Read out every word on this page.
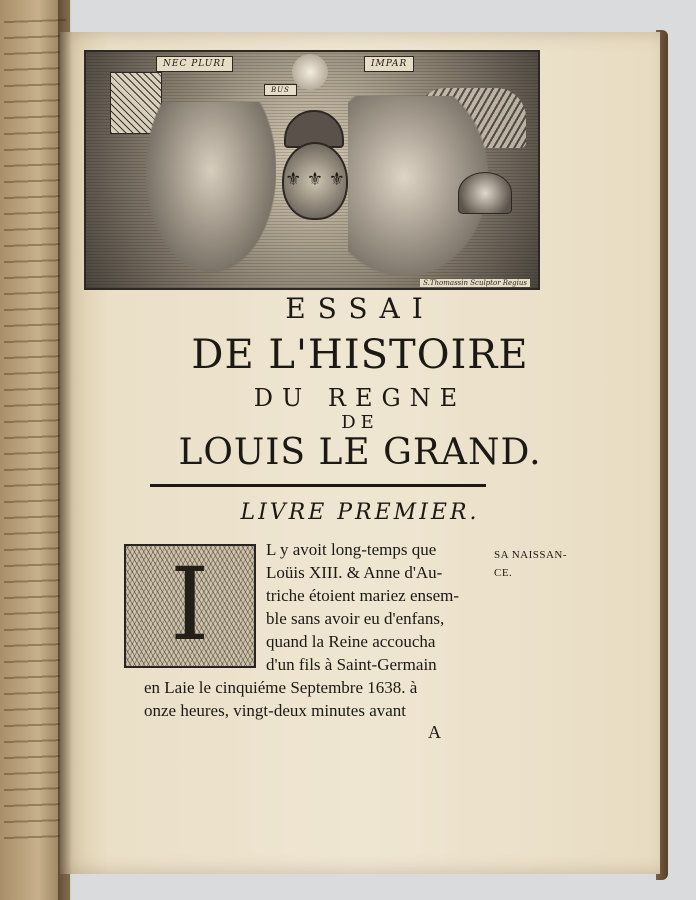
NEC PLURI
BUS
IMPAR
⚜ ⚜ ⚜
S.Thomassin Sculptor Regius
ESSAI
DE L'HISTOIRE
DU REGNE
DE
LOUIS LE GRAND.
LIVRE PREMIER.
I	L y avoit long-temps que
Loüis XIII. & Anne d'Au-
triche étoient mariez ensem-
ble sans avoir eu d'enfans,
quand la Reine accoucha
d'un fils à Saint-Germain
en Laie le cinquiéme Septembre 1638. à
onze heures, vingt-deux minutes avant
SA NAISSAN-
CE.
A
